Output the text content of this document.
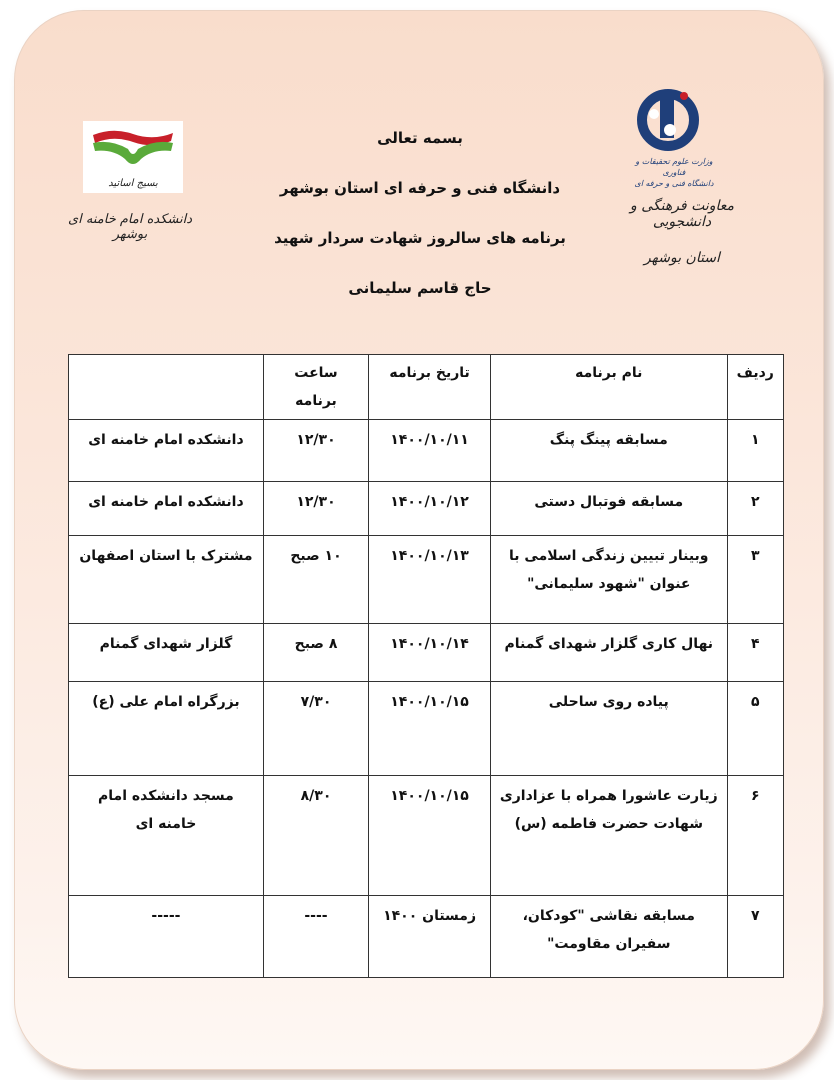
بسیج اساتید
دانشکده امام خامنه ای بوشهر
وزارت علوم تحقیقات و فناوری
دانشگاه فنی و حرفه ای
معاونت فرهنگی و دانشجویی
استان بوشهر
بسمه تعالی
دانشگاه فنی و حرفه ای استان بوشهر
برنامه های سالروز شهادت سردار شهید
حاج قاسم سلیمانی
ردیف	نام برنامه	تاریخ برنامه	ساعت برنامه	
۱	مسابقه پینگ پنگ	۱۴۰۰/۱۰/۱۱	۱۲/۳۰	دانشکده امام خامنه ای
۲	مسابقه فوتبال دستی	۱۴۰۰/۱۰/۱۲	۱۲/۳۰	دانشکده امام خامنه ای
۳	وبینار تبیین زندگی اسلامی با عنوان "شهود سلیمانی"	۱۴۰۰/۱۰/۱۳	۱۰ صبح	مشترک با استان اصفهان
۴	نهال کاری گلزار شهدای گمنام	۱۴۰۰/۱۰/۱۴	۸ صبح	گلزار شهدای گمنام
۵	پیاده روی ساحلی	۱۴۰۰/۱۰/۱۵	۷/۳۰	بزرگراه امام علی (ع)
۶	زیارت عاشورا همراه با عزاداری شهادت حضرت فاطمه (س)	۱۴۰۰/۱۰/۱۵	۸/۳۰	مسجد دانشکده امام خامنه ای
۷	مسابقه نقاشی "کودکان، سفیران مقاومت"	زمستان ۱۴۰۰	----	-----
